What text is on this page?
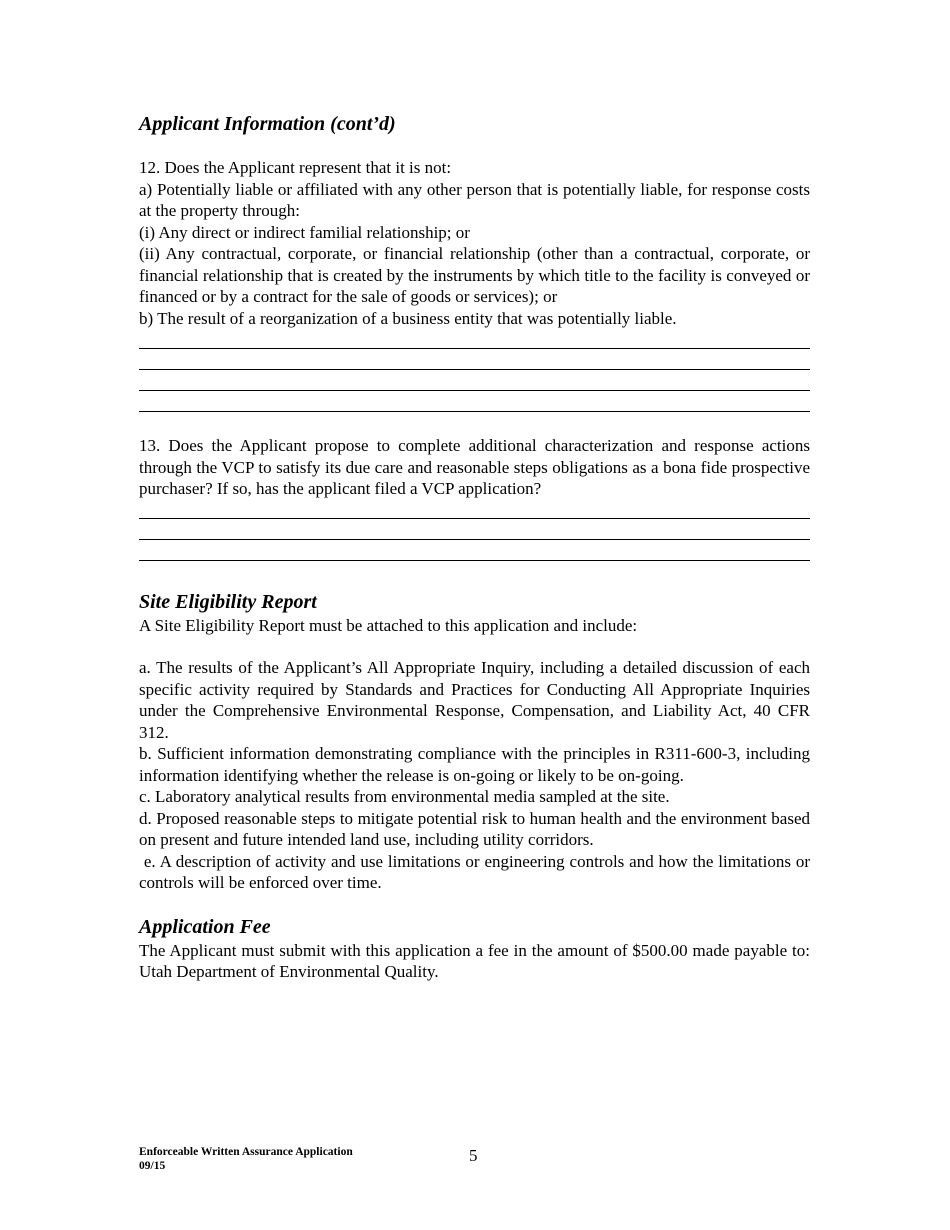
Applicant Information (cont’d)

12. Does the Applicant represent that it is not:

a) Potentially liable or affiliated with any other person that is potentially liable, for response costs at the property through:

(i) Any direct or indirect familial relationship; or

(ii) Any contractual, corporate, or financial relationship (other than a contractual, corporate, or financial relationship that is created by the instruments by which title to the facility is conveyed or financed or by a contract for the sale of goods or services); or

b) The result of a reorganization of a business entity that was potentially liable.

13. Does the Applicant propose to complete additional characterization and response actions through the VCP to satisfy its due care and reasonable steps obligations as a bona fide prospective purchaser? If so, has the applicant filed a VCP application?

Site Eligibility Report

A Site Eligibility Report must be attached to this application and include:

a. The results of the Applicant’s All Appropriate Inquiry, including a detailed discussion of each specific activity required by Standards and Practices for Conducting All Appropriate Inquiries under the Comprehensive Environmental Response, Compensation, and Liability Act, 40 CFR 312.

b. Sufficient information demonstrating compliance with the principles in R311-600-3, including information identifying whether the release is on-going or likely to be on-going.

c. Laboratory analytical results from environmental media sampled at the site.

d. Proposed reasonable steps to mitigate potential risk to human health and the environment based on present and future intended land use, including utility corridors.

e. A description of activity and use limitations or engineering controls and how the limitations or controls will be enforced over time.

Application Fee

The Applicant must submit with this application a fee in the amount of $500.00 made payable to: Utah Department of Environmental Quality.

Enforceable Written Assurance Application
09/15
5
